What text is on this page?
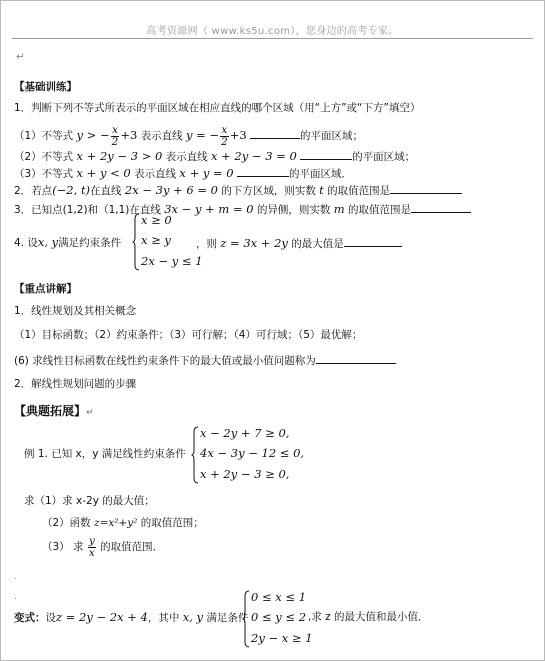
高考资源网（ www.ks5u.com），您身边的高考专家。
↵
【基础训练】
1．判断下列不等式所表示的平面区域在相应直线的哪个区域（用“上方”或“下方”填空）
（1）不等式 y > − $\frac{x}{2} +3$ 表示直线 y = − $\frac{x}{2} +3$	的平面区域；
（2）不等式 x + 2y − 3 > 0 表示直线 x + 2y − 3 = 0	的平面区域；
（3）不等式 x + y < 0 表示直线 x + y = 0	的平面区域．
2．若点(−2, t)在直线 2x − 3y + 6 = 0 的下方区域，则实数 t 的取值范围是
3．已知点(1,2)和（1,1)在直线 3x − y + m = 0 的异侧，则实数 m 的取值范围是
4. 设x, y满足约束条件
x ≥ 0
x ≥ y
2x − y ≤ 1
，则 z = 3x + 2y 的最大值是
【重点讲解】
1．线性规划及其相关概念
（1）目标函数；（2）约束条件；（3）可行解；（4）可行域；（5）最优解；
(6) 求线性目标函数在线性约束条件下的最大值或最小值问题称为
2．解线性规划问题的步骤
【典题拓展】↵
例 1. 已知 x，y 满足线性约束条件
x − 2y + 7 ≥ 0,
4x − 3y − 12 ≤ 0,
x + 2y − 3 ≥ 0,
求（1）求 x-2y 的最大值；
（2）函数 z=x²+y² 的取值范围；
（3） 求 $\frac{y}{x}$ 的取值范围．
.
.
变式：设z = 2y − 2x + 4，其中 x, y 满足条件
0 ≤ x ≤ 1
0 ≤ y ≤ 2
2y − x ≥ 1
,求 z 的最大值和最小值．
